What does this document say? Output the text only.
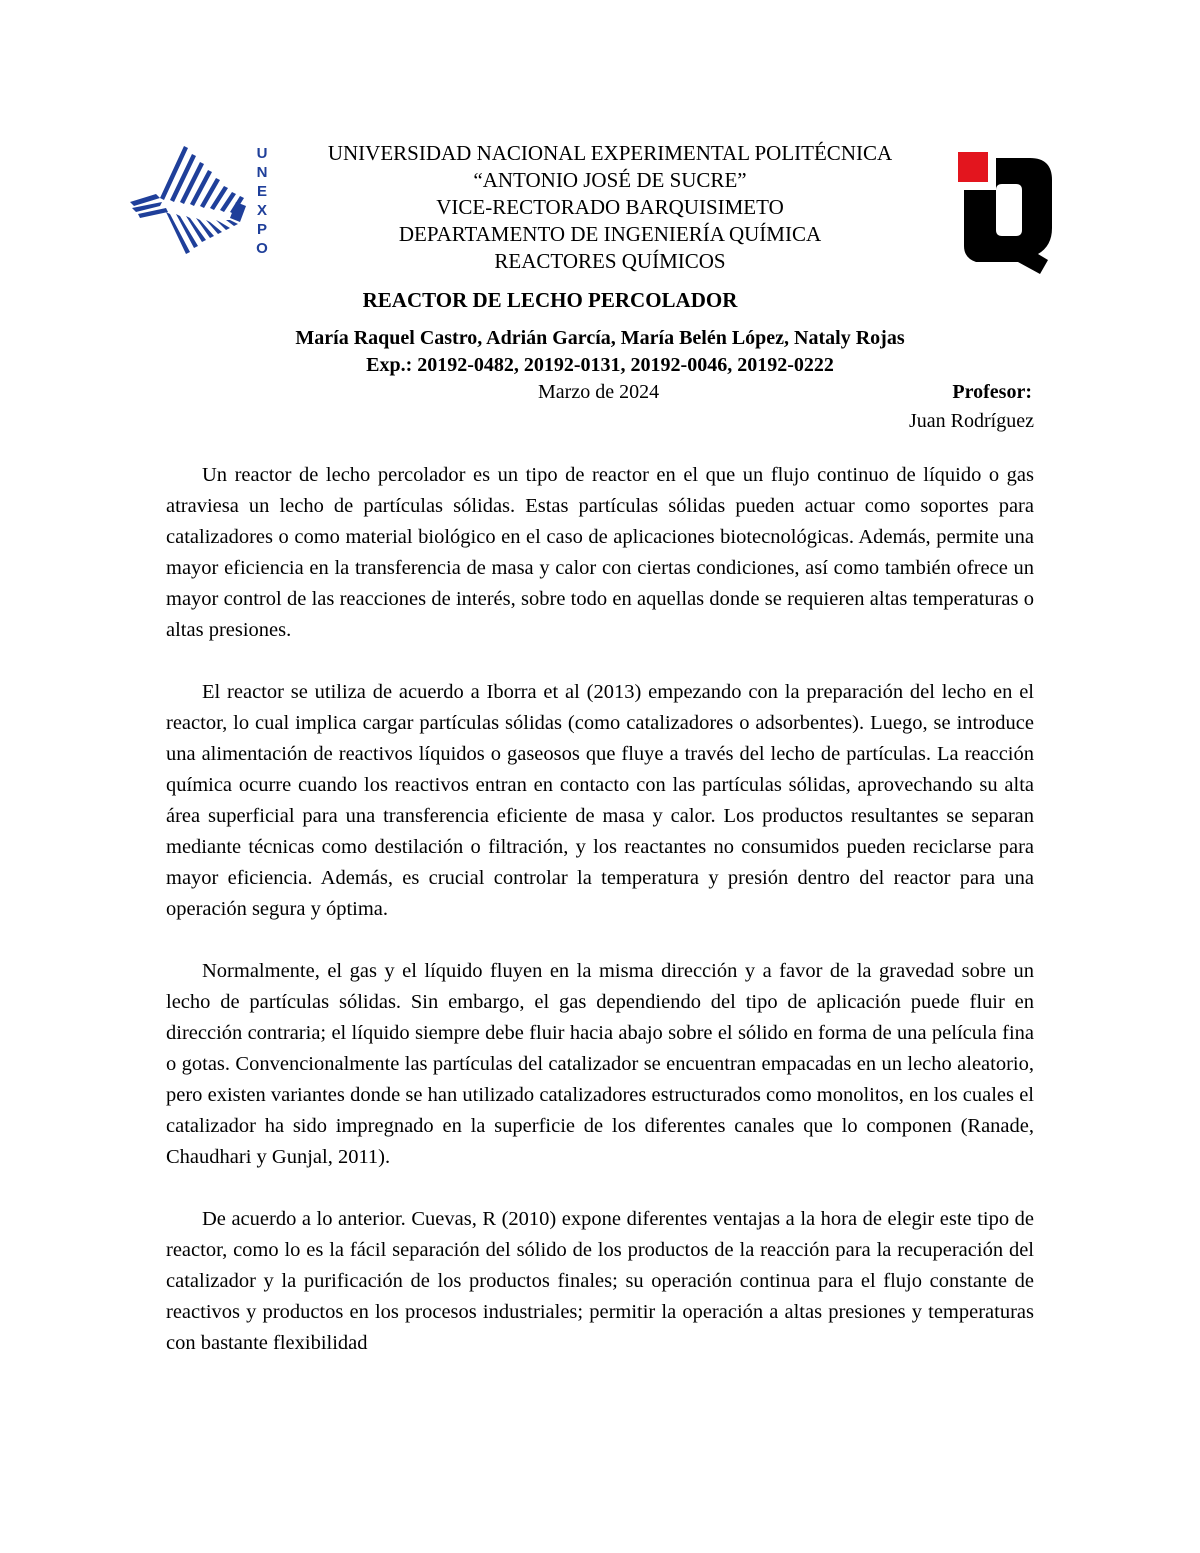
U
N
E
X
P
O
UNIVERSIDAD NACIONAL EXPERIMENTAL POLITÉCNICA
“ANTONIO JOSÉ DE SUCRE”
VICE-RECTORADO BARQUISIMETO
DEPARTAMENTO DE INGENIERÍA QUÍMICA
REACTORES QUÍMICOS
REACTOR DE LECHO PERCOLADOR
María Raquel Castro, Adrián García, María Belén López, Nataly Rojas
Exp.: 20192-0482, 20192-0131, 20192-0046, 20192-0222
Marzo de 2024	Profesor:
Juan Rodríguez

Un reactor de lecho percolador es un tipo de reactor en el que un flujo continuo de líquido o gas atraviesa un lecho de partículas sólidas. Estas partículas sólidas pueden actuar como soportes para catalizadores o como material biológico en el caso de aplicaciones biotecnológicas. Además, permite una mayor eficiencia en la transferencia de masa y calor con ciertas condiciones, así como también ofrece un mayor control de las reacciones de interés, sobre todo en aquellas donde se requieren altas temperaturas o altas presiones.

El reactor se utiliza de acuerdo a Iborra et al (2013) empezando con la preparación del lecho en el reactor, lo cual implica cargar partículas sólidas (como catalizadores o adsorbentes). Luego, se introduce una alimentación de reactivos líquidos o gaseosos que fluye a través del lecho de partículas. La reacción química ocurre cuando los reactivos entran en contacto con las partículas sólidas, aprovechando su alta área superficial para una transferencia eficiente de masa y calor. Los productos resultantes se separan mediante técnicas como destilación o filtración, y los reactantes no consumidos pueden reciclarse para mayor eficiencia. Además, es crucial controlar la temperatura y presión dentro del reactor para una operación segura y óptima.

Normalmente, el gas y el líquido fluyen en la misma dirección y a favor de la gravedad sobre un lecho de partículas sólidas. Sin embargo, el gas dependiendo del tipo de aplicación puede fluir en dirección contraria; el líquido siempre debe fluir hacia abajo sobre el sólido en forma de una película fina o gotas. Convencionalmente las partículas del catalizador se encuentran empacadas en un lecho aleatorio, pero existen variantes donde se han utilizado catalizadores estructurados como monolitos, en los cuales el catalizador ha sido impregnado en la superficie de los diferentes canales que lo componen (Ranade, Chaudhari y Gunjal, 2011).

De acuerdo a lo anterior. Cuevas, R (2010) expone diferentes ventajas a la hora de elegir este tipo de reactor, como lo es la fácil separación del sólido de los productos de la reacción para la recuperación del catalizador y la purificación de los productos finales; su operación continua para el flujo constante de reactivos y productos en los procesos industriales; permitir la operación a altas presiones y temperaturas con bastante flexibilidad
